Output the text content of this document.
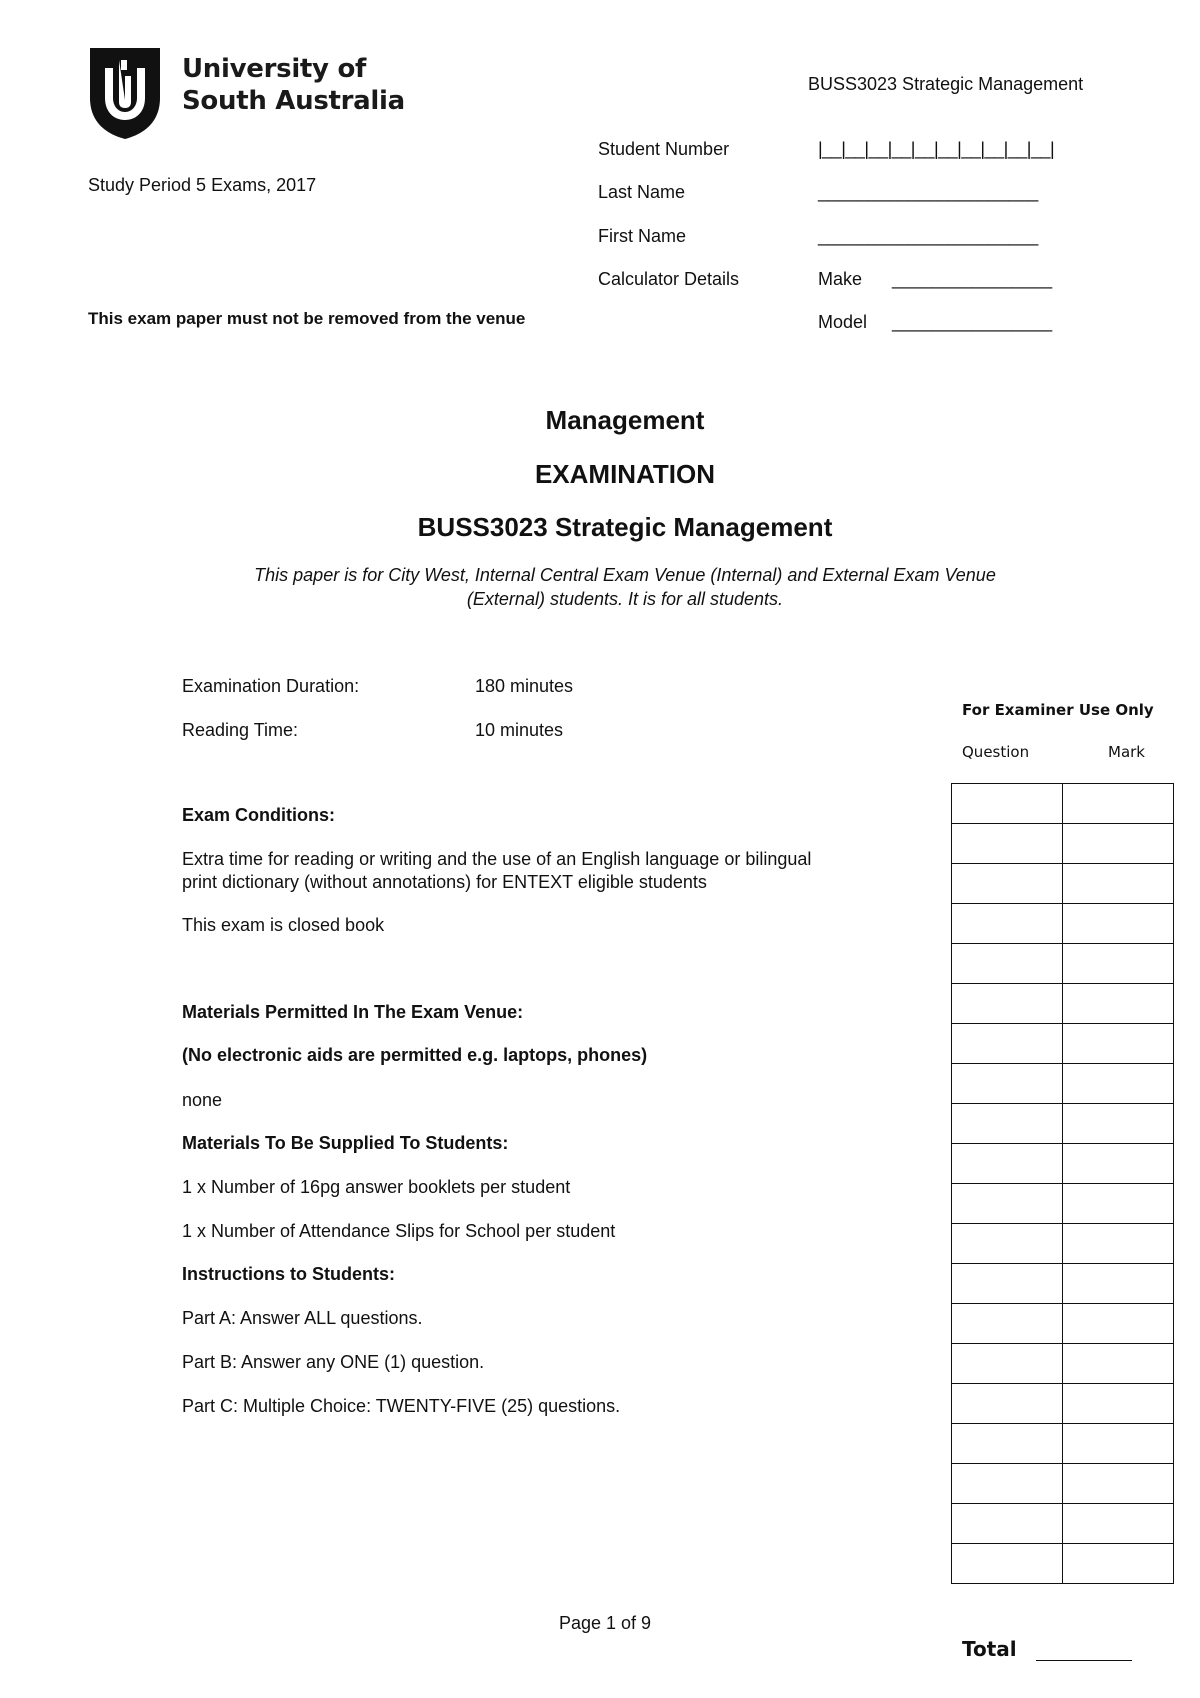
University of
South Australia
BUSS3023 Strategic Management
Study Period 5 Exams, 2017
This exam paper must not be removed from the venue
Student Number	|__|__|__|__|__|__|__|__|__|__|
Last Name	______________________
First Name	______________________
Calculator Details	Make ________________
Model ________________
Management
EXAMINATION
BUSS3023 Strategic Management
This paper is for City West, Internal Central Exam Venue (Internal) and External Exam Venue
(External) students. It is for all students.
Examination Duration:	180 minutes
Reading Time:	10 minutes
Exam Conditions:
Extra time for reading or writing and the use of an English language or bilingual
print dictionary (without annotations) for ENTEXT eligible students
This exam is closed book
Materials Permitted In The Exam Venue:
(No electronic aids are permitted e.g. laptops, phones)
none
Materials To Be Supplied To Students:
1 x Number of 16pg answer booklets per student
1 x Number of Attendance Slips for School per student
Instructions to Students:
Part A: Answer ALL questions.
Part B: Answer any ONE (1) question.
Part C: Multiple Choice: TWENTY-FIVE (25) questions.
For Examiner Use Only
Question	Mark

Total
Page 1 of 9
